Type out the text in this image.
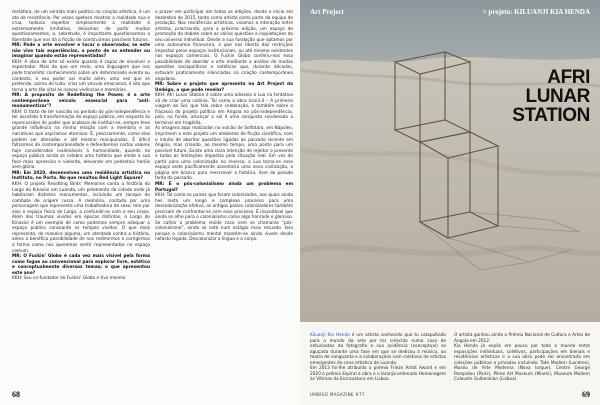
metáfora, de um sentido mais poético na criação artística, é um ato de resistência. Por vezes apetece mostrar a realidade nua e crua, todavia espelhar simplesmente a realidade é extremamente limitativo, deixamos de partir muitos questionamentos, e, sobretudo, é importante questionarmos a liberdade que nos dá a ficção de construirmos possíveis futuros.

MR: Pode a arte envolver e tocar o observador, se este não vive tais experiências, a ponto de as entender ou imaginar quando estão representadas?

KKH: A obra de arte só existe quando é capaz de envolver o espectador. Mais do que um meio, uma linguagem que nos pode transmitir conhecimento sobre um determinado evento ou contexto, o seu poder vai muito além, uma vez que se pretende, acima de tudo, criar um vínculo emocional, é isto que torna a arte tão vital às nossas vivências e memórias.

MR: A proposito de Redefining the Power, é a arte contemporânea veiculo essencial para "anti-monumentizar"?

KKH: O facto de ter nascido no período do pós-independência e ter assistido à transformação do espaço público, em resposta às repercussões do poder que acabava de instituir-se, sempre teve grande influência na minha relação com a memória e as narrativas que aspiramos eternizar. É, precisamente, como elas podem ser alteradas e até mesmo manipuladas. É difícil falharmos de contemporaneidade e defendermos certos valores hoje considerados inalienáveis à humanidade, quando no espaço público ainda se celebra uma história que omite a sua face mais opressiva e violenta, elevando em pedestais heróis sem glória.

MR: Em 2020, desenvolveu uma residência artística no Instituto, no Porto. No que resultou Red Light Square?

KKH: O projeto Resetting Birds' Memories conta a história do Largo do Kinaxixi em Luanda, um pelemento da cidade onde já habitaram distintos monumentos, incluindo um tanque de combate de origem russa. A memória, contada por uma personagem que representa uma trabalhadora de sexo, tem por eixo o espaço físico do Largo, a confundir-se com o seu corpo. Além dos traumas vividos em épocas distintas, o Largo do Kinaxixi é um exemplo de como podemos sempre adequar o espaço público consoante os tempos vividos. O que mais representa, de maneira alguma, um atentado contra a história, antes a benéfica possibilidade de nos redimirmos e corrigirmos a forma como nos queremos sentir representados no espaço comum.

MR: O Fuckin' Globo é cada vez mais visível pela forma como fogue ao convencional para explorar livre, estético e conceptualmente diversos temas; o que apresentou este ano?

KKH: Sou co-fundador do Fuckin' Globo e tive mesmo

o prazer em participar em todas as edições, desde o início em dezembro de 2015, tanto como artista como parte da equipa de produção. Nas residências artísticas, visamos a interação entre artistas, priorizando, para a próxima edição, um espaço de promoção do debate sobre as várias questões e inquietações do seu universo individual. Desde a sua fundação que optamos por uma autonomia financeira, o que nos liberta das restrições impostas pelos espaços institucionais, ou até mesmo existentes nos espaços comerciais. O Fuckin Globo conferiu-nos essa possibilidade de abordar a arte mediante a análise de muitas questões sociopolíticas e estéticas que, durante décadas, estavam praticamente silenciadas na criação contemporânea angolana.

MR: Sobre o projeto que apresenta no Art Project do Umbigo, o que pode revelar?

KKH: Afri Lunar Station é sobre uma odisseia à Lua na tentativa vã de criar uma colónia. Tal como a obra Icon3.0 – A primeiro viagem ao Sol, que fala sobre celebração, e também sobre o fracasso do projeto político em Angola no pós-independência, pois, no fundo, alcançar o sol é uma conquista condenada a terminar em tragédia.

As imagens aqui realizadas no vulcão de Solfatara, em Nápoles, imprimem a este projeto um ambiente de ficção científica, com o intuito de abordar questões ligadas ao passado recente em Angola, mas criando, ao mesmo tempo, uma ponte para um possível futuro. Existe uma clara intenção de rejeitar o presente e todas as limitações impostas pela situação real. Em vez de partir para uma colonização no reverso, a Lua torna-se esse espaço onde pacificamente assentaria uma nova civilização, a página em branco para reescrever a história, livre do pesado fardo do passado.

MR: É o pós-colonialismo ainda um problema em Portugal?

KKH: Tal como os países que foram colonizados, aos quais ainda hes resta um longo e complexo processo para uma descolonização efetiva, os antigos países colonizadores também precisam de confrontar-se com esse processo. É inaceitável que ainda se olhe para o colonialismo como algo honrado e glorioso. Se calhar o problema reside caso nem se chamarás "pós-colonialismo", ainda se está num estágio mais recuado. Isso porque o colonialismo mental mantém-se ainda vivem desde nefasto legado. Descolonizar a língua e o corpo.

68
Art Project	> projeto: KILUANJI KIA HENDA
AFRI
LUNAR
STATION

Kiluanji Kia Henda é um artista conhecido que tu catapultado para o mundo da arte por ter crescido numa casa de entusiastas da fotografia e sua acidência (conceptual) se aguçada durante uma fase em que se dedicou à música, ao teatro de vanguarda e a colaborações com coletivos de artistas emergentes da cena artística de Luanda.

Em 2013 foi-lhe atribuído o prémio Frieze Artist Award e em 2020 o prémio Espiral à obra e o laranja-ordenado Homenagem às Vítimas da Escravatura em Lisboa.

O artista ganhou ainda o Prémio Nacional de Cultura e Artes de Angola em 2012.

Kia Henda já expôs em pouco por todo o mundo entre exposições individuais, coletivas, participações em bienais e residências artísticas e a sua obra pode ser encontrada em coleções públicas e privadas incluindo: Tate Modern (Londres), Museo de Arte Moderna (Nova Iorque), Centre George Pompidou (Paris), Pérez Art Museum (Miami), Museum Modern Calouste Gulbenkian (Lisboa).

UMBIGO MAGAZINE #77	69
